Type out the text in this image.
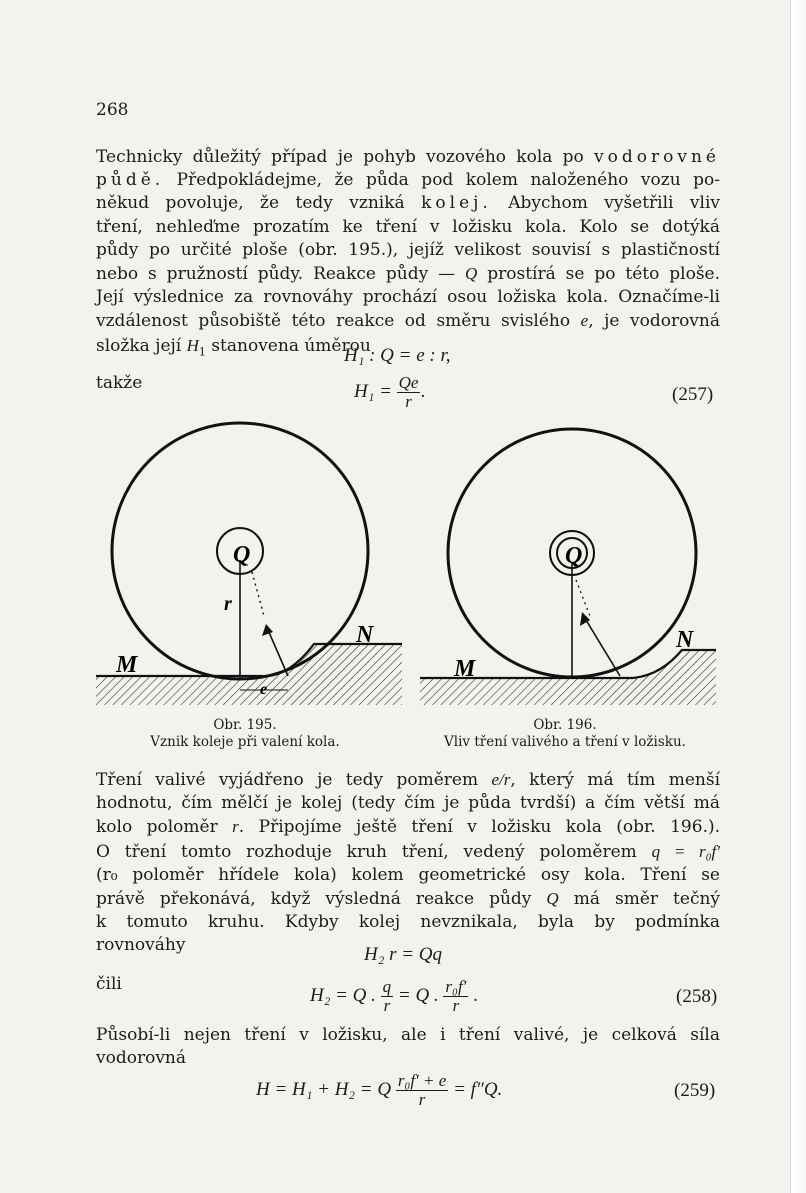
268
Technicky důležitý případ je pohyb vozového kola po vodorovné
půdě. Předpokládejme, že půda pod kolem naloženého vozu po-
někud povoluje, že tedy vzniká kolej. Abychom vyšetřili vliv
tření, nehleďme prozatím ke tření v ložisku kola. Kolo se dotýká
půdy po určité ploše (obr. 195.), jejíž velikost souvisí s plastičností
nebo s pružností půdy. Reakce půdy — Q prostírá se po této ploše.
Její výslednice za rovnováhy prochází osou ložiska kola. Označíme-li
vzdálenost působiště této reakce od směru svislého e, je vodorovná
složka její $H_1$ stanovena úměrou
H₁ : Q = e : r,
takže	$H_1 = \frac{Qe}{r}$ .	(257)
Q
r
M
N
e
Obr. 195.
Vznik koleje při valení kola.
Q
M
N
Obr. 196.
Vliv tření valivého a tření v ložisku.
Tření valivé vyjádřeno je tedy poměrem e/r, který má tím menší
hodnotu, čím mělčí je kolej (tedy čím je půda tvrdší) a čím větší má
kolo poloměr r. Připojíme ještě tření v ložisku kola (obr. 196.).
O tření tomto rozhoduje kruh tření, vedený poloměrem q = r₀f′
(r₀ poloměr hřídele kola) kolem geometrické osy kola. Tření se
právě překonává, když výsledná reakce půdy Q má směr tečný
k tomuto kruhu. Kdyby kolej nevznikala, byla by podmínka
rovnováhy	H₂ r = Qq
čili
H₂ = Q . $\frac{q}{r} = Q$ . $\frac{\text{r₀f′}}{r}$ .	(258)
Působí-li nejen tření v ložisku, ale i tření valivé, je celková síla
vodorovná
H = H₁ + H₂ = Q $\frac{\text{r₀f′ + e}}{r} = f''Q$.	(259)
